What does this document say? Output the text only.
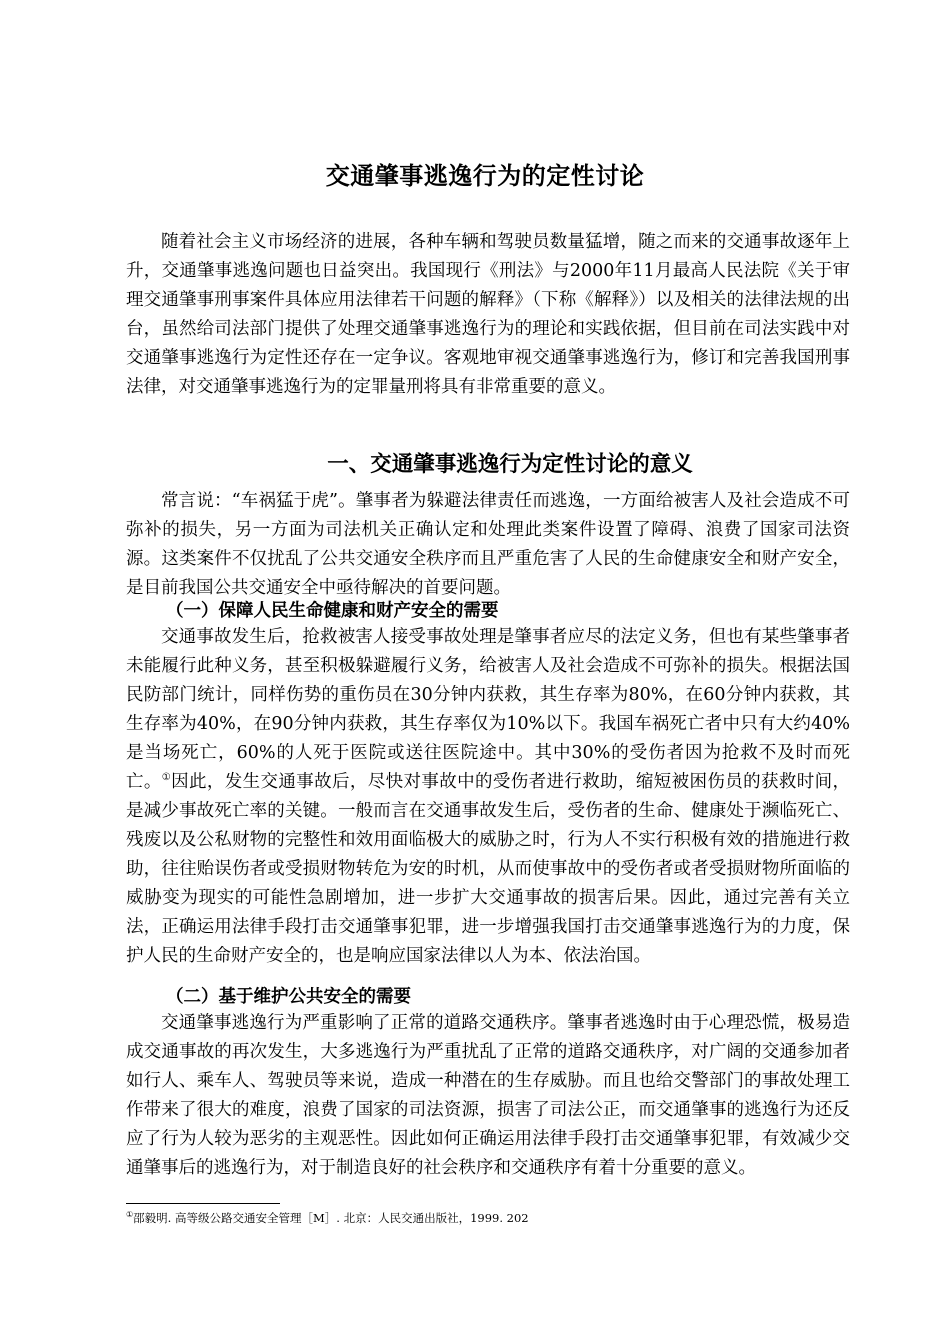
交通肇事逃逸行为的定性讨论

随着社会主义市场经济的进展，各种车辆和驾驶员数量猛增，随之而来的交通事故逐年上升，交通肇事逃逸问题也日益突出。我国现行《刑法》与2000年11月最高人民法院《关于审理交通肇事刑事案件具体应用法律若干问题的解释》（下称《解释》）以及相关的法律法规的出台，虽然给司法部门提供了处理交通肇事逃逸行为的理论和实践依据，但目前在司法实践中对交通肇事逃逸行为定性还存在一定争议。客观地审视交通肇事逃逸行为，修订和完善我国刑事法律，对交通肇事逃逸行为的定罪量刑将具有非常重要的意义。

一、交通肇事逃逸行为定性讨论的意义

常言说：“车祸猛于虎”。肇事者为躲避法律责任而逃逸，一方面给被害人及社会造成不可弥补的损失，另一方面为司法机关正确认定和处理此类案件设置了障碍、浪费了国家司法资源。这类案件不仅扰乱了公共交通安全秩序而且严重危害了人民的生命健康安全和财产安全，是目前我国公共交通安全中亟待解决的首要问题。

（一）保障人民生命健康和财产安全的需要

交通事故发生后，抢救被害人接受事故处理是肇事者应尽的法定义务，但也有某些肇事者未能履行此种义务，甚至积极躲避履行义务，给被害人及社会造成不可弥补的损失。根据法国民防部门统计，同样伤势的重伤员在30分钟内获救，其生存率为80%，在60分钟内获救，其生存率为40%，在90分钟内获救，其生存率仅为10%以下。我国车祸死亡者中只有大约40%是当场死亡，60%的人死于医院或送往医院途中。其中30%的受伤者因为抢救不及时而死亡。①因此，发生交通事故后，尽快对事故中的受伤者进行救助，缩短被困伤员的获救时间，是减少事故死亡率的关键。一般而言在交通事故发生后，受伤者的生命、健康处于濒临死亡、残废以及公私财物的完整性和效用面临极大的威胁之时，行为人不实行积极有效的措施进行救助，往往贻误伤者或受损财物转危为安的时机，从而使事故中的受伤者或者受损财物所面临的威胁变为现实的可能性急剧增加，进一步扩大交通事故的损害后果。因此，通过完善有关立法，正确运用法律手段打击交通肇事犯罪，进一步增强我国打击交通肇事逃逸行为的力度，保护人民的生命财产安全的，也是响应国家法律以人为本、依法治国。

（二）基于维护公共安全的需要

交通肇事逃逸行为严重影响了正常的道路交通秩序。肇事者逃逸时由于心理恐慌，极易造成交通事故的再次发生，大多逃逸行为严重扰乱了正常的道路交通秩序，对广阔的交通参加者如行人、乘车人、驾驶员等来说，造成一种潜在的生存威胁。而且也给交警部门的事故处理工作带来了很大的难度，浪费了国家的司法资源，损害了司法公正，而交通肇事的逃逸行为还反应了行为人较为恶劣的主观恶性。因此如何正确运用法律手段打击交通肇事犯罪，有效减少交通肇事后的逃逸行为，对于制造良好的社会秩序和交通秩序有着十分重要的意义。

①邵毅明. 高等级公路交通安全管理［M］. 北京：人民交通出版社，1999. 202
